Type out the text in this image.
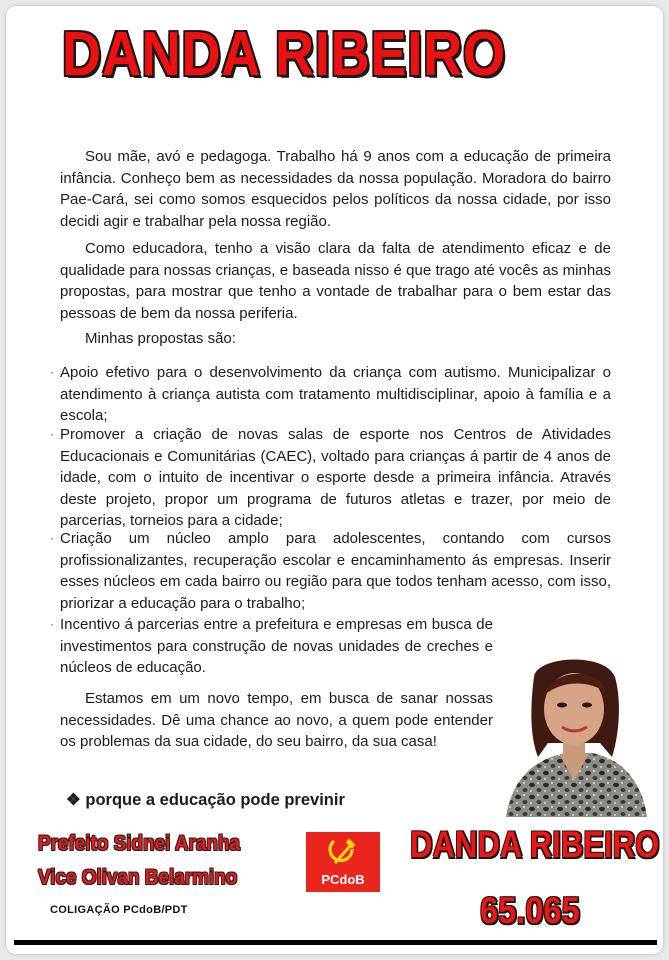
DANDA RIBEIRO

Sou mãe, avó e pedagoga. Trabalho há 9 anos com a educação de primeira infância. Conheço bem as necessidades da nossa população. Moradora do bairro Pae-Cará, sei como somos esquecidos pelos políticos da nossa cidade, por isso decidi agir e trabalhar pela nossa região.

Como educadora, tenho a visão clara da falta de atendimento eficaz e de qualidade para nossas crianças, e baseada nisso é que trago até vocês as minhas propostas, para mostrar que tenho a vontade de trabalhar para o bem estar das pessoas de bem da nossa periferia.

Minhas propostas são:

· Apoio efetivo para o desenvolvimento da criança com autismo. Municipalizar o atendimento à criança autista com tratamento multidisciplinar, apoio à família e a escola;

· Promover a criação de novas salas de esporte nos Centros de Atividades Educacionais e Comunitárias (CAEC), voltado para crianças á partir de 4 anos de idade, com o intuito de incentivar o esporte desde a primeira infância. Através deste projeto, propor um programa de futuros atletas e trazer, por meio de parcerias, torneios para a cidade;

· Criação um núcleo amplo para adolescentes, contando com cursos profissionalizantes, recuperação escolar e encaminhamento ás empresas. Inserir esses núcleos em cada bairro ou região para que todos tenham acesso, com isso, priorizar a educação para o trabalho;

· Incentivo á parcerias entre a prefeitura e empresas em busca de investimentos para construção de novas unidades de creches e núcleos de educação.

Estamos em um novo tempo, em busca de sanar nossas necessidades. Dê uma chance ao novo, a quem pode entender os problemas da sua cidade, do seu bairro, da sua casa!

❖ porque a educação pode previnir

Prefeito Sidnei Aranha
Vice Olivan Belarmino
COLIGAÇÃO PCdoB/PDT
PCdoB
DANDA RIBEIRO
65.065
